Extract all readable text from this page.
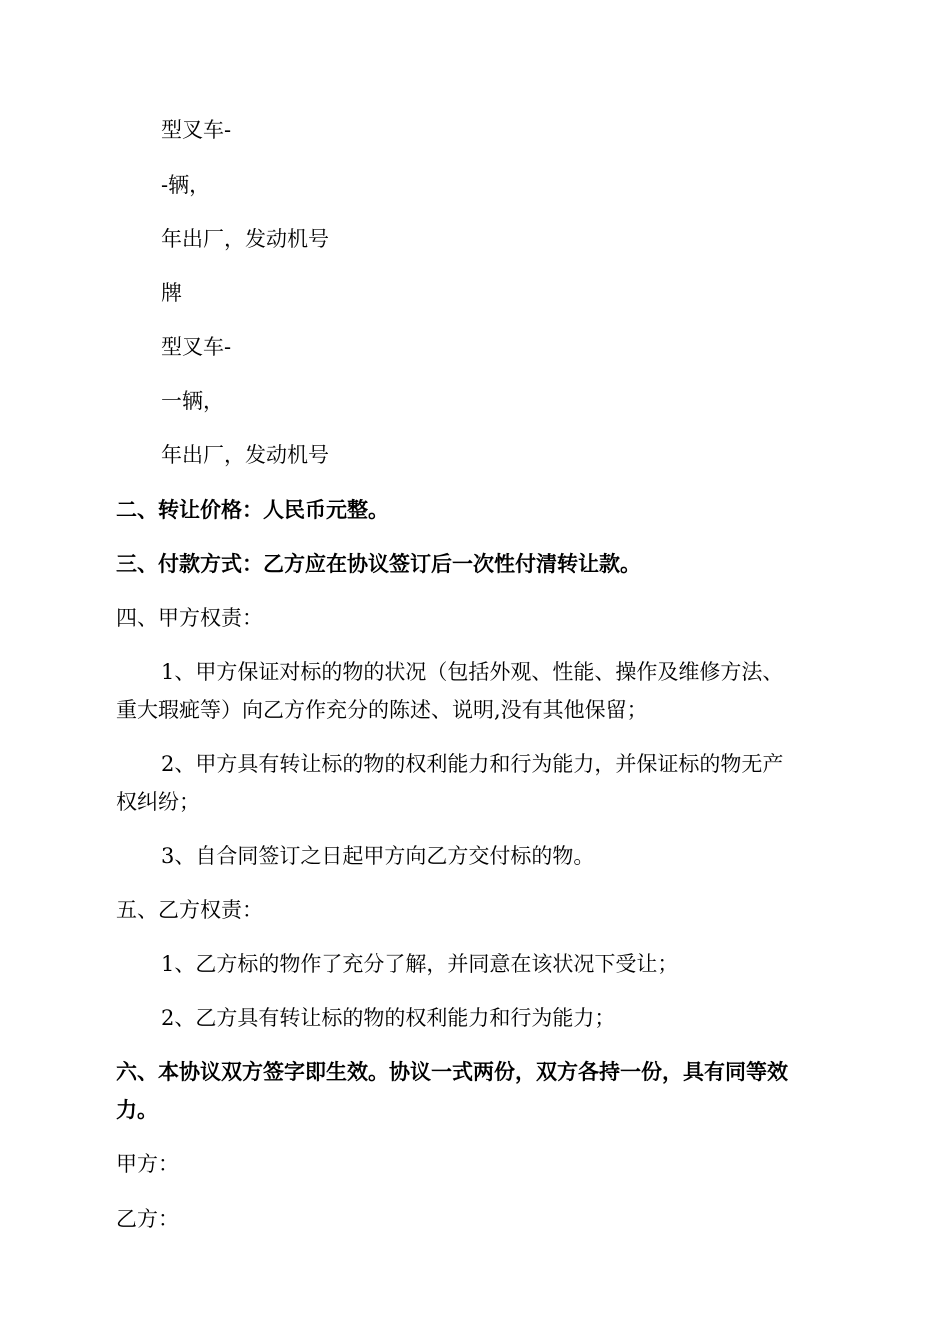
型叉车-

-辆，

年出厂，发动机号

牌

型叉车-

一辆，

年出厂，发动机号

二、转让价格：人民币元整。

三、付款方式：乙方应在协议签订后一次性付清转让款。

四、甲方权责：

1、甲方保证对标的物的状况（包括外观、性能、操作及维修方法、

重大瑕疵等）向乙方作充分的陈述、说明,没有其他保留；

2、甲方具有转让标的物的权利能力和行为能力，并保证标的物无产

权纠纷；

3、自合同签订之日起甲方向乙方交付标的物。

五、乙方权责：

1、乙方标的物作了充分了解，并同意在该状况下受让；

2、乙方具有转让标的物的权利能力和行为能力；

六、本协议双方签字即生效。协议一式两份，双方各持一份，具有同等效

力。

甲方：

乙方：
